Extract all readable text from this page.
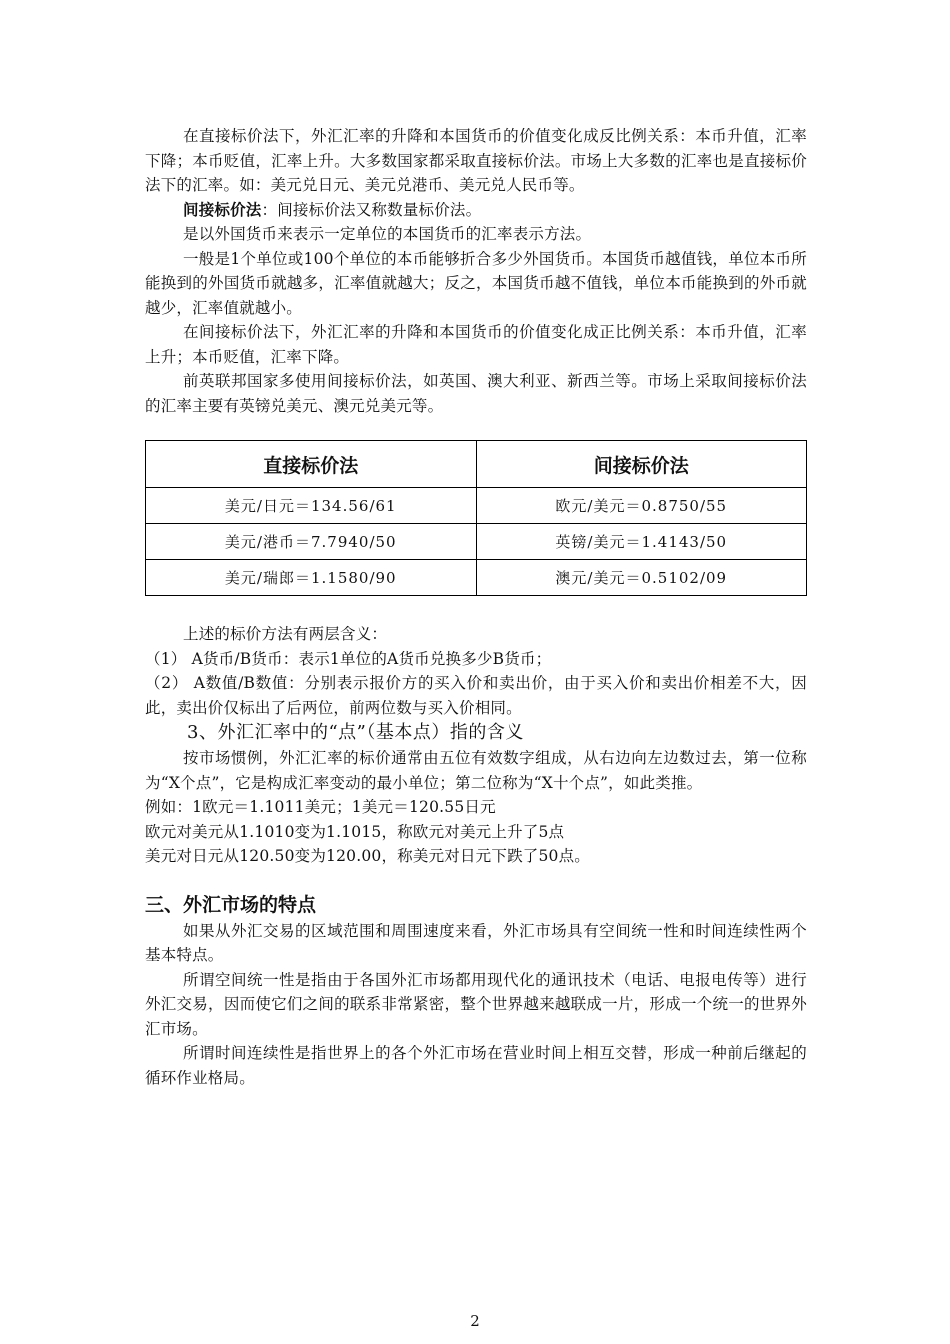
在直接标价法下，外汇汇率的升降和本国货币的价值变化成反比例关系：本币升值，汇率下降；本币贬值，汇率上升。大多数国家都采取直接标价法。市场上大多数的汇率也是直接标价法下的汇率。如：美元兑日元、美元兑港币、美元兑人民币等。

间接标价法：间接标价法又称数量标价法。

是以外国货币来表示一定单位的本国货币的汇率表示方法。

一般是1个单位或100个单位的本币能够折合多少外国货币。本国货币越值钱，单位本币所能换到的外国货币就越多，汇率值就越大；反之，本国货币越不值钱，单位本币能换到的外币就越少，汇率值就越小。

在间接标价法下，外汇汇率的升降和本国货币的价值变化成正比例关系：本币升值，汇率上升；本币贬值，汇率下降。

前英联邦国家多使用间接标价法，如英国、澳大利亚、新西兰等。市场上采取间接标价法的汇率主要有英镑兑美元、澳元兑美元等。

直接标价法	间接标价法
美元/日元＝134.56/61	欧元/美元＝0.8750/55
美元/港币＝7.7940/50	英镑/美元＝1.4143/50
美元/瑞郎＝1.1580/90	澳元/美元＝0.5102/09

上述的标价方法有两层含义：

（1） A货币/B货币：表示1单位的A货币兑换多少B货币；

（2） A数值/B数值：分别表示报价方的买入价和卖出价，由于买入价和卖出价相差不大，因此，卖出价仅标出了后两位，前两位数与买入价相同。

3、外汇汇率中的“点”（基本点）指的含义

按市场惯例，外汇汇率的标价通常由五位有效数字组成，从右边向左边数过去，第一位称为“X个点”，它是构成汇率变动的最小单位；第二位称为“X十个点”，如此类推。

例如：1欧元＝1.1011美元；1美元＝120.55日元

欧元对美元从1.1010变为1.1015，称欧元对美元上升了5点

美元对日元从120.50变为120.00，称美元对日元下跌了50点。

三、外汇市场的特点

如果从外汇交易的区域范围和周围速度来看，外汇市场具有空间统一性和时间连续性两个基本特点。

所谓空间统一性是指由于各国外汇市场都用现代化的通讯技术（电话、电报电传等）进行外汇交易，因而使它们之间的联系非常紧密，整个世界越来越联成一片，形成一个统一的世界外汇市场。

所谓时间连续性是指世界上的各个外汇市场在营业时间上相互交替，形成一种前后继起的循环作业格局。

2
